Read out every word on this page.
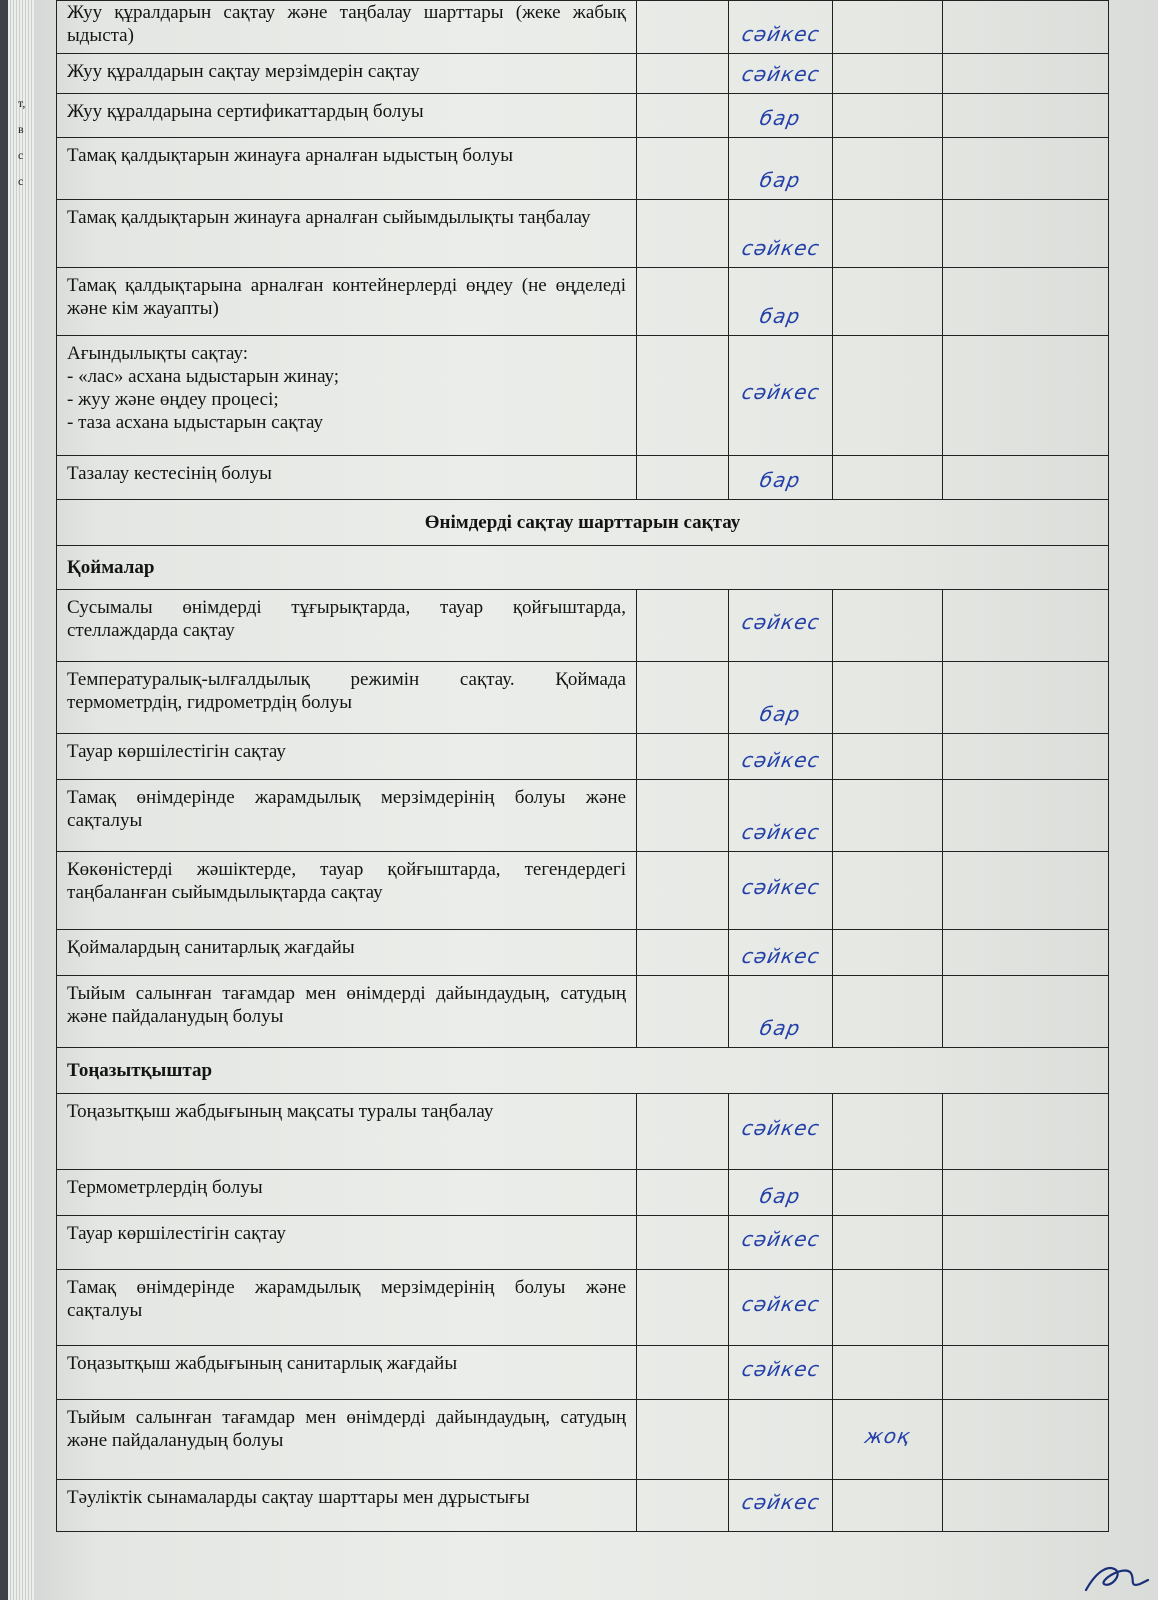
т,
в
с
с
Жуу құралдарын сақтау және таңбалау шарттары (жеке жабық ыдыста)		сәйкес		
Жуу құралдарын сақтау мерзімдерін сақтау		сәйкес		
Жуу құралдарына сертификаттардың болуы		бар		
Тамақ қалдықтарын жинауға арналған ыдыстың болуы		бар		
Тамақ қалдықтарын жинауға арналған сыйымдылықты таңбалау		сәйкес		
Тамақ қалдықтарына арналған контейнерлерді өңдеу (не өңделеді және кім жауапты)		бар		

Ағындылықты сақтау:
- «лас» асхана ыдыстарын жинау;
- жуу және өңдеу процесі;
- таза асхана ыдыстарын сақтау		сәйкес		
Тазалау кестесінің болуы		бар		
Өнімдерді сақтау шарттарын сақтау				
Қоймалар				
Сусымалы өнімдерді тұғырықтарда, тауар қойғыштарда, стеллаждарда сақтау		сәйкес		
Температуралық-ылғалдылық режимін сақтау. Қоймада термометрдің, гидрометрдің болуы		бар		
Тауар көршілестігін сақтау		сәйкес		
Тамақ өнімдерінде жарамдылық мерзімдерінің болуы және сақталуы		сәйкес		
Көкөністерді жәшіктерде, тауар қойғыштарда, тегендердегі таңбаланған сыйымдылықтарда сақтау		сәйкес		
Қоймалардың санитарлық жағдайы		сәйкес		
Тыйым салынған тағамдар мен өнімдерді дайындаудың, сатудың және пайдаланудың болуы		бар		
Тоңазытқыштар				
Тоңазытқыш жабдығының мақсаты туралы таңбалау		сәйкес		
Термометрлердің болуы		бар		
Тауар көршілестігін сақтау		сәйкес		
Тамақ өнімдерінде жарамдылық мерзімдерінің болуы және сақталуы		сәйкес		
Тоңазытқыш жабдығының санитарлық жағдайы		сәйкес		
Тыйым салынған тағамдар мен өнімдерді дайындаудың, сатудың және пайдаланудың болуы			жоқ	
Тәуліктік сынамаларды сақтау шарттары мен дұрыстығы		сәйкес		
